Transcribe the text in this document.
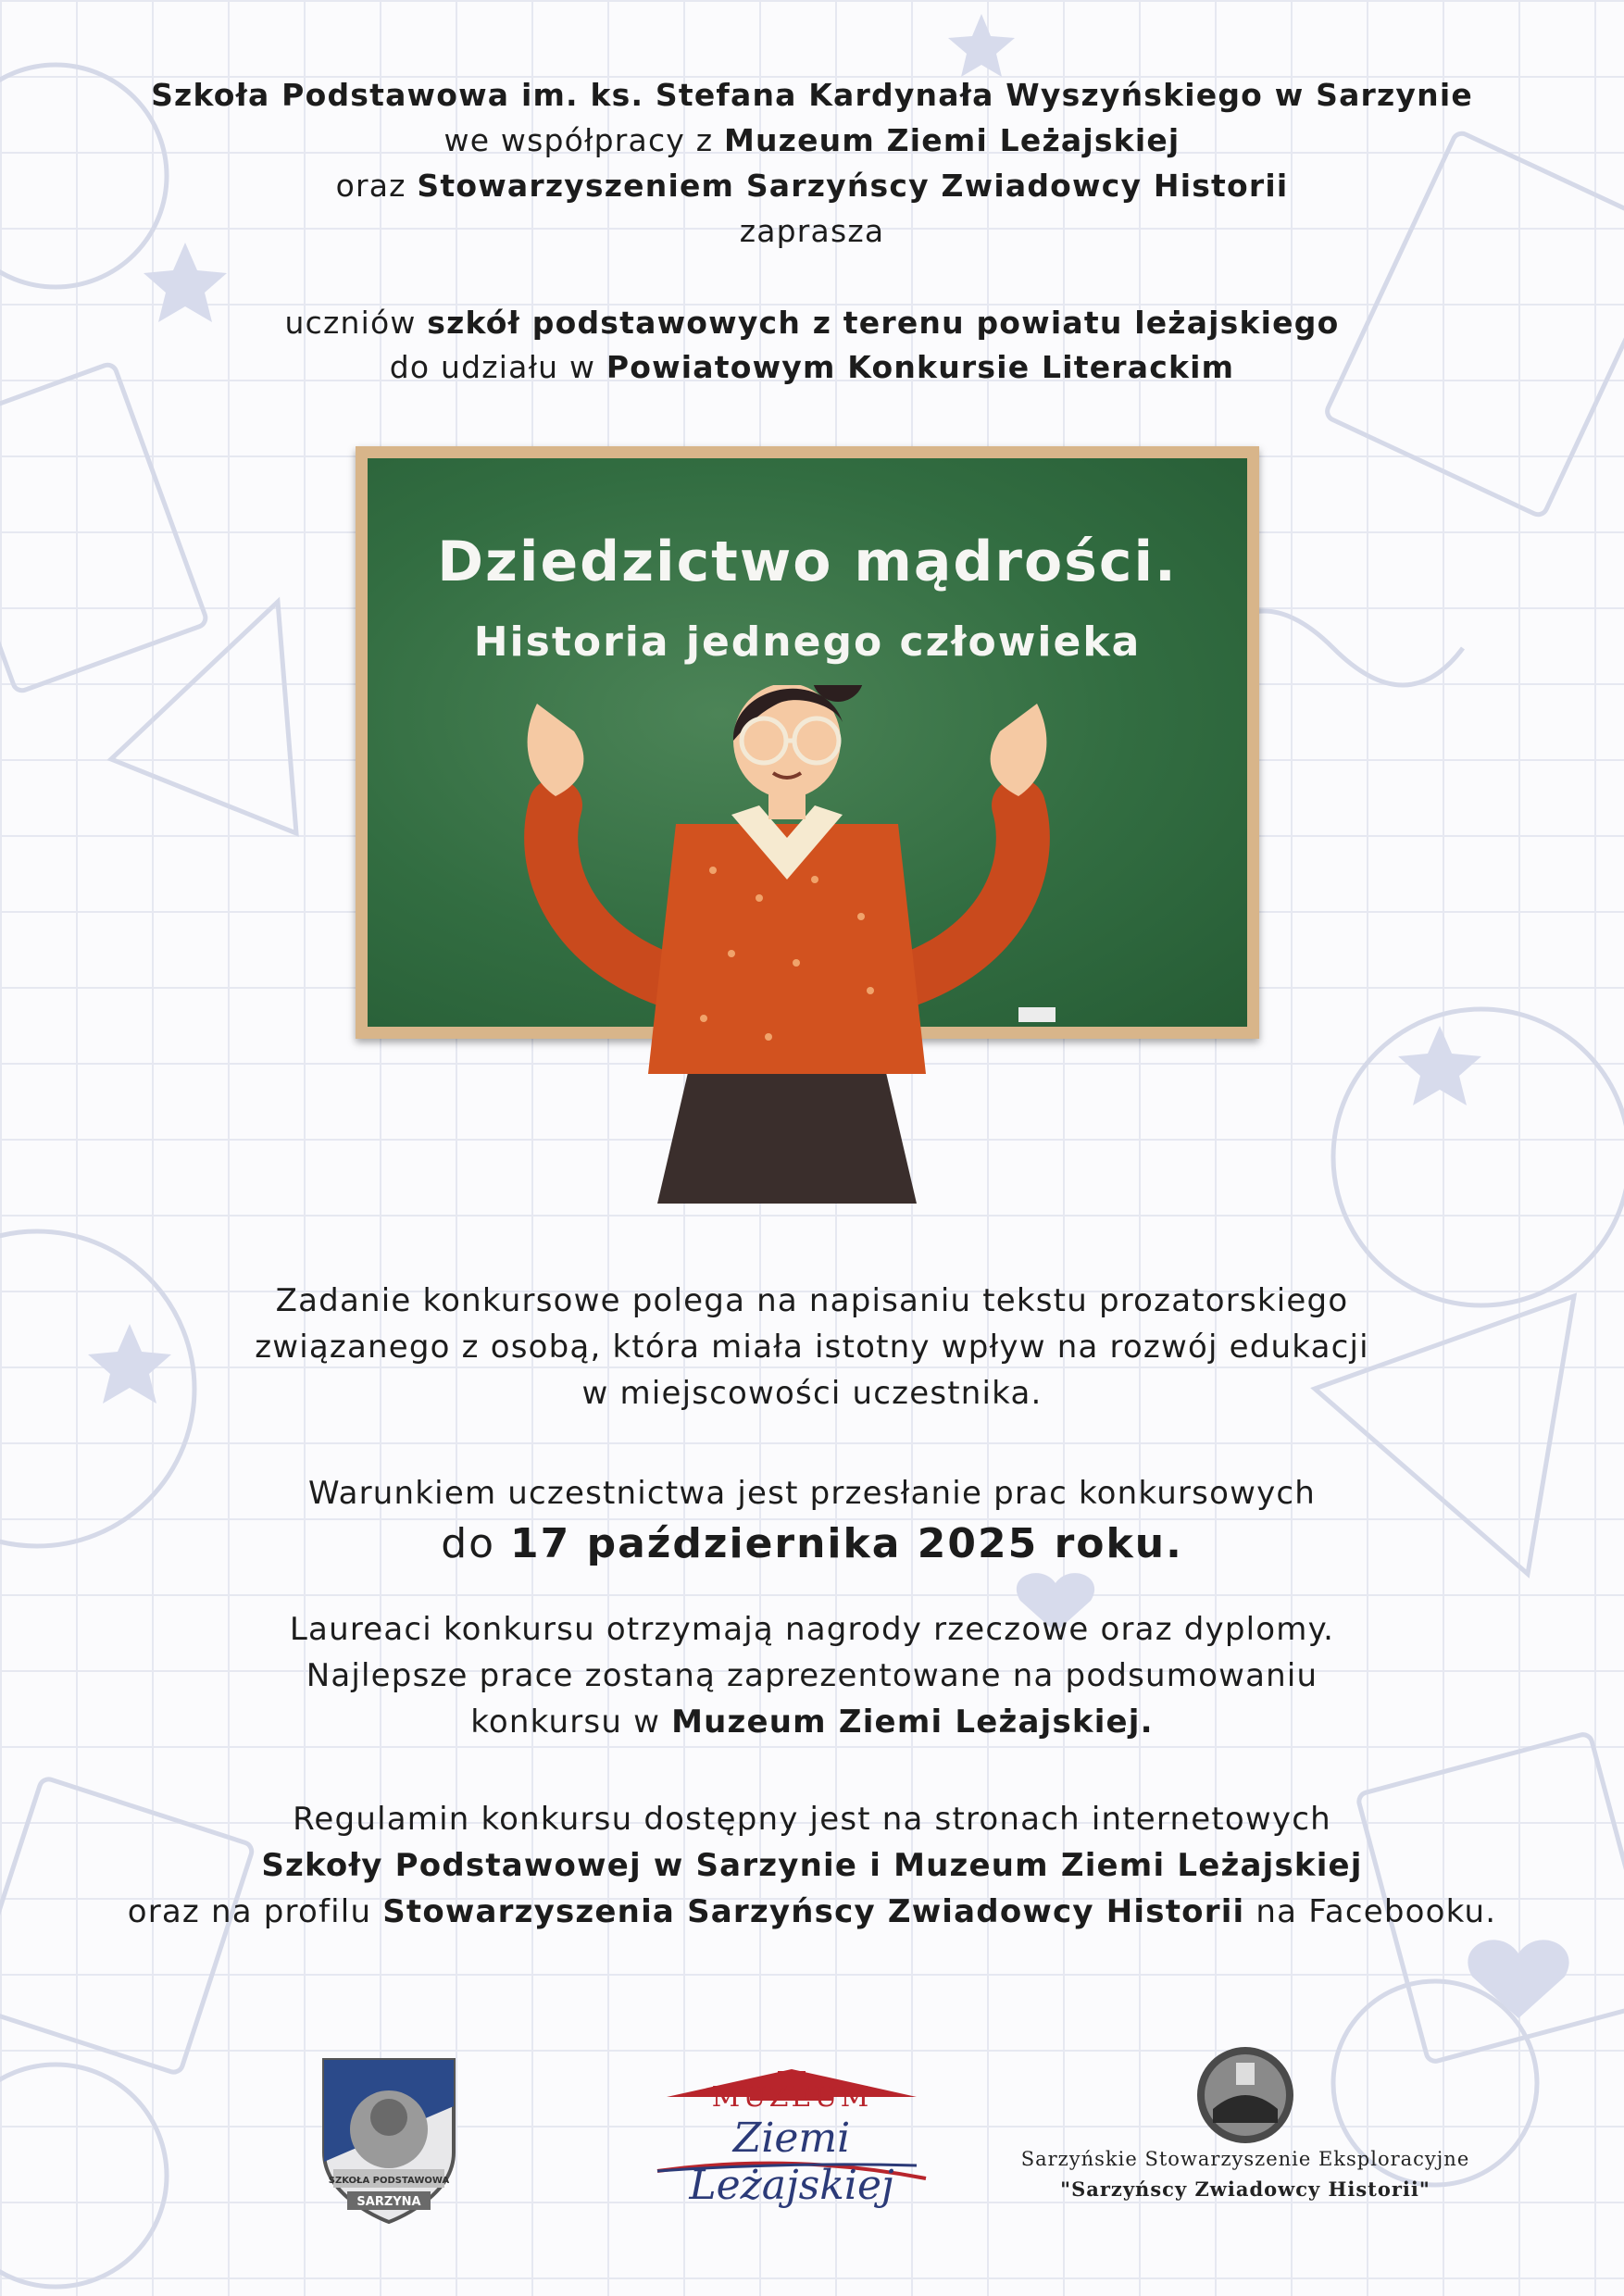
Szkoła Podstawowa im. ks. Stefana Kardynała Wyszyńskiego w Sarzynie
we współpracy z Muzeum Ziemi Leżajskiej
oraz Stowarzyszeniem Sarzyńscy Zwiadowcy Historii
zaprasza
uczniów szkół podstawowych z terenu powiatu leżajskiego
do udziału w Powiatowym Konkursie Literackim
Dziedzictwo mądrości.
Historia jednego człowieka
Zadanie konkursowe polega na napisaniu tekstu prozatorskiego
związanego z osobą, która miała istotny wpływ na rozwój edukacji
w miejscowości uczestnika.
Warunkiem uczestnictwa jest przesłanie prac konkursowych
do 17 października 2025 roku.
Laureaci konkursu otrzymają nagrody rzeczowe oraz dyplomy.
Najlepsze prace zostaną zaprezentowane na podsumowaniu
konkursu w Muzeum Ziemi Leżajskiej.
Regulamin konkursu dostępny jest na stronach internetowych
Szkoły Podstawowej w Sarzynie i Muzeum Ziemi Leżajskiej
oraz na profilu Stowarzyszenia Sarzyńscy Zwiadowcy Historii na Facebooku.
SZKOŁA PODSTAWOWA
SARZYNA
MUZEUM
Ziemi Leżajskiej
Sarzyńskie Stowarzyszenie Eksploracyjne
"Sarzyńscy Zwiadowcy Historii"
